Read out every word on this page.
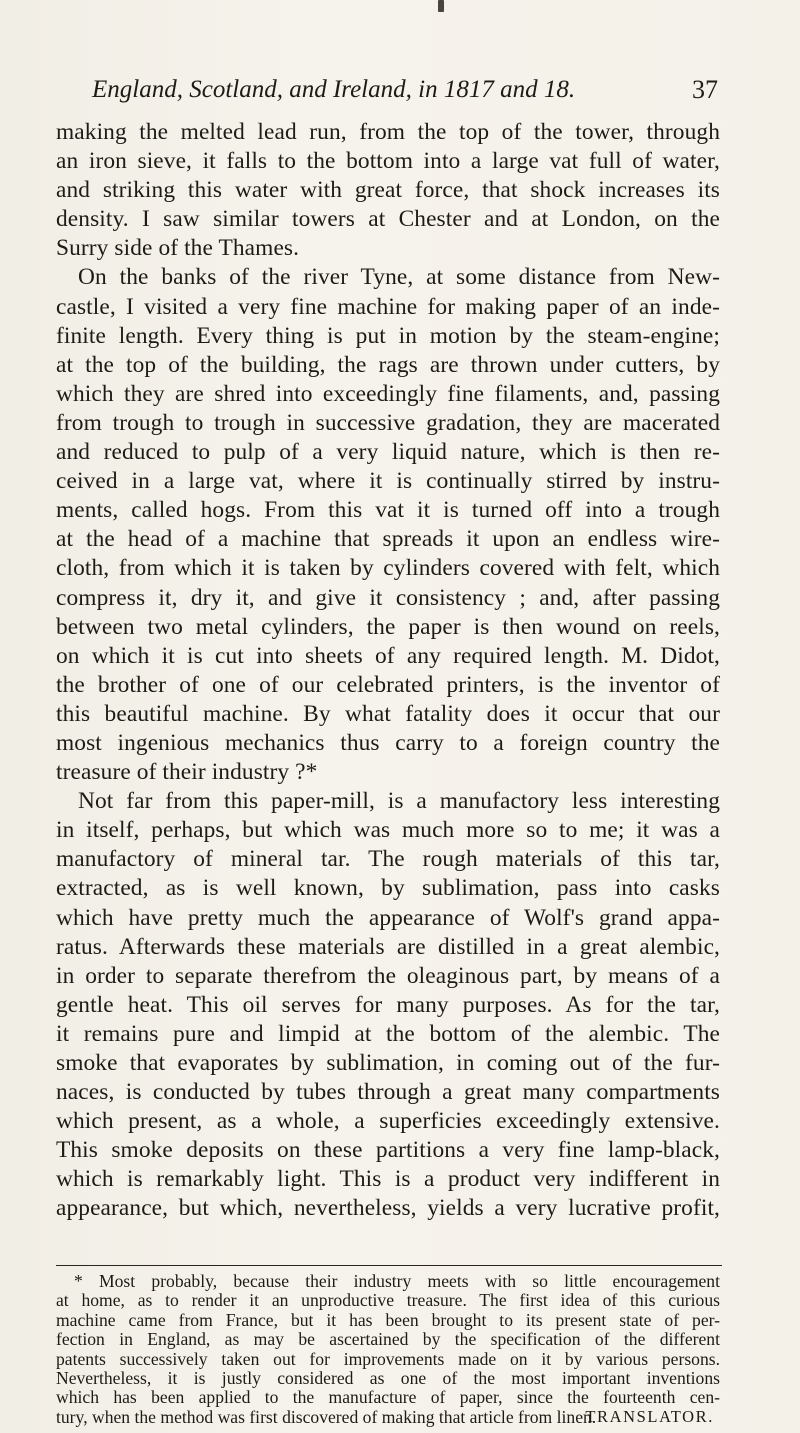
England, Scotland, and Ireland, in 1817 and 18.	37
making the melted lead run, from the top of the tower, through
an iron sieve, it falls to the bottom into a large vat full of water,
and striking this water with great force, that shock increases its
density. I saw similar towers at Chester and at London, on the
Surry side of the Thames.
On the banks of the river Tyne, at some distance from New-
castle, I visited a very fine machine for making paper of an inde-
finite length. Every thing is put in motion by the steam-engine;
at the top of the building, the rags are thrown under cutters, by
which they are shred into exceedingly fine filaments, and, passing
from trough to trough in successive gradation, they are macerated
and reduced to pulp of a very liquid nature, which is then re-
ceived in a large vat, where it is continually stirred by instru-
ments, called hogs. From this vat it is turned off into a trough
at the head of a machine that spreads it upon an endless wire-
cloth, from which it is taken by cylinders covered with felt, which
compress it, dry it, and give it consistency ; and, after passing
between two metal cylinders, the paper is then wound on reels,
on which it is cut into sheets of any required length. M. Didot,
the brother of one of our celebrated printers, is the inventor of
this beautiful machine. By what fatality does it occur that our
most ingenious mechanics thus carry to a foreign country the
treasure of their industry ?*
Not far from this paper-mill, is a manufactory less interesting
in itself, perhaps, but which was much more so to me; it was a
manufactory of mineral tar. The rough materials of this tar,
extracted, as is well known, by sublimation, pass into casks
which have pretty much the appearance of Wolf's grand appa-
ratus. Afterwards these materials are distilled in a great alembic,
in order to separate therefrom the oleaginous part, by means of a
gentle heat. This oil serves for many purposes. As for the tar,
it remains pure and limpid at the bottom of the alembic. The
smoke that evaporates by sublimation, in coming out of the fur-
naces, is conducted by tubes through a great many compartments
which present, as a whole, a superficies exceedingly extensive.
This smoke deposits on these partitions a very fine lamp-black,
which is remarkably light. This is a product very indifferent in
appearance, but which, nevertheless, yields a very lucrative profit,
* Most probably, because their industry meets with so little encouragement
at home, as to render it an unproductive treasure. The first idea of this curious
machine came from France, but it has been brought to its present state of per-
fection in England, as may be ascertained by the specification of the different
patents successively taken out for improvements made on it by various persons.
Nevertheless, it is justly considered as one of the most important inventions
which has been applied to the manufacture of paper, since the fourteenth cen-
tury, when the method was first discovered of making that article from linen.
TRANSLATOR.
